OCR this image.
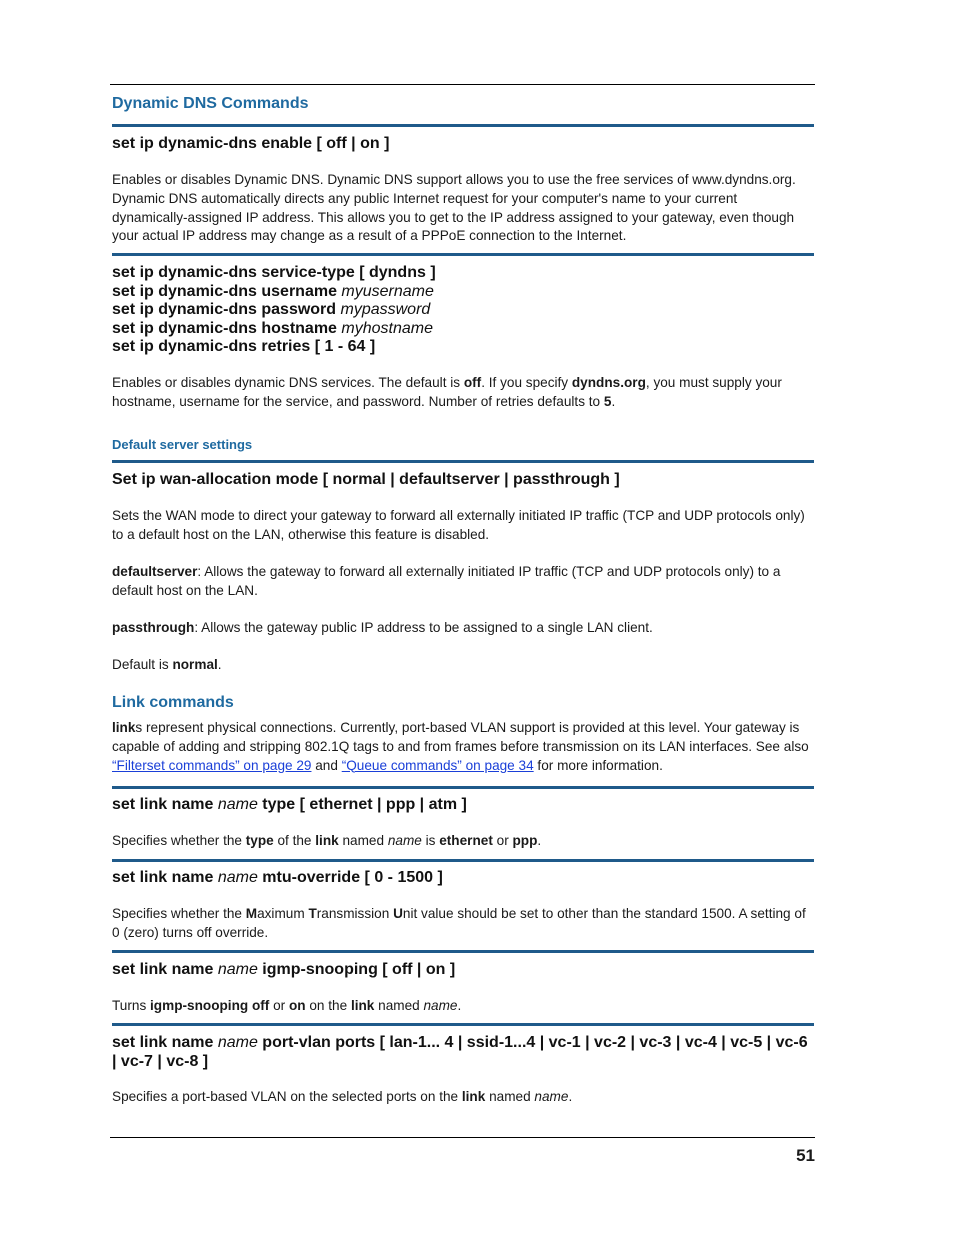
Dynamic DNS Commands
set ip dynamic-dns enable [ off | on ]
Enables or disables Dynamic DNS. Dynamic DNS support allows you to use the free services of www.dyndns.org. Dynamic DNS automatically directs any public Internet request for your computer's name to your current dynamically-assigned IP address. This allows you to get to the IP address assigned to your gateway, even though your actual IP address may change as a result of a PPPoE connection to the Internet.
set ip dynamic-dns service-type [ dyndns ]
set ip dynamic-dns username myusername
set ip dynamic-dns password mypassword
set ip dynamic-dns hostname myhostname
set ip dynamic-dns retries [ 1 - 64 ]
Enables or disables dynamic DNS services. The default is off. If you specify dyndns.org, you must supply your hostname, username for the service, and password. Number of retries defaults to 5.
Default server settings
Set ip wan-allocation mode [ normal | defaultserver | passthrough ]
Sets the WAN mode to direct your gateway to forward all externally initiated IP traffic (TCP and UDP protocols only) to a default host on the LAN, otherwise this feature is disabled.
defaultserver: Allows the gateway to forward all externally initiated IP traffic (TCP and UDP protocols only) to a default host on the LAN.
passthrough: Allows the gateway public IP address to be assigned to a single LAN client.
Default is normal.
Link commands
links represent physical connections. Currently, port-based VLAN support is provided at this level. Your gateway is capable of adding and stripping 802.1Q tags to and from frames before transmission on its LAN interfaces. See also “Filterset commands” on page 29 and “Queue commands” on page 34 for more information.
set link name name type [ ethernet | ppp | atm ]
Specifies whether the type of the link named name is ethernet or ppp.
set link name name mtu-override [ 0 - 1500 ]
Specifies whether the Maximum Transmission Unit value should be set to other than the standard 1500. A setting of 0 (zero) turns off override.
set link name name igmp-snooping [ off | on ]
Turns igmp-snooping off or on on the link named name.
set link name name port-vlan ports [ lan-1... 4 | ssid-1...4 | vc-1 | vc-2 | vc-3 | vc-4 | vc-5 | vc-6 | vc-7 | vc-8 ]
Specifies a port-based VLAN on the selected ports on the link named name.
51
